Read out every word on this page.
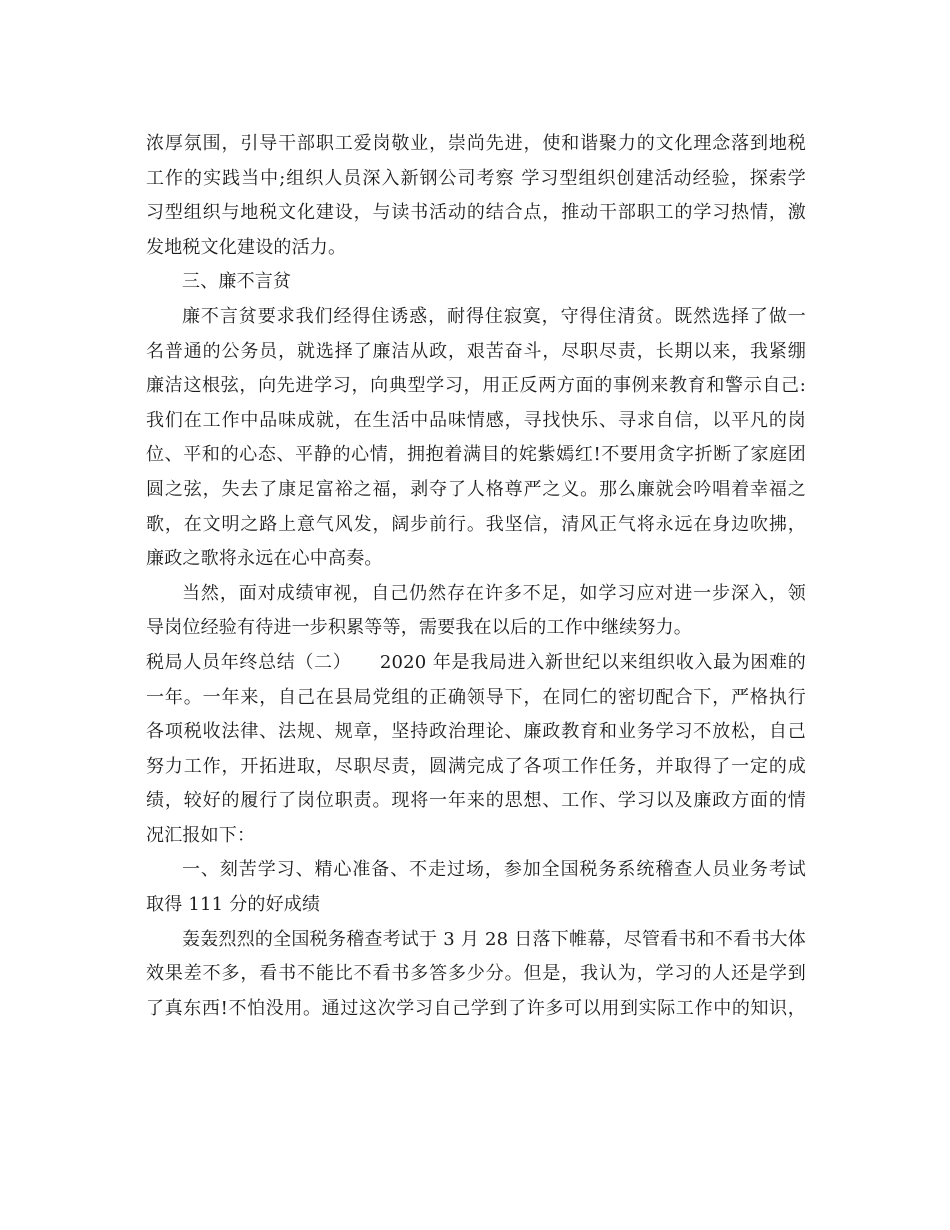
浓厚氛围，引导干部职工爱岗敬业，崇尚先进，使和谐聚力的文化理念落到地税
工作的实践当中;组织人员深入新钢公司考察 学习型组织创建活动经验，探索学
习型组织与地税文化建设，与读书活动的结合点，推动干部职工的学习热情，激
发地税文化建设的活力。
三、廉不言贫
廉不言贫要求我们经得住诱惑，耐得住寂寞，守得住清贫。既然选择了做一
名普通的公务员，就选择了廉洁从政，艰苦奋斗，尽职尽责，长期以来，我紧绷
廉洁这根弦，向先进学习，向典型学习，用正反两方面的事例来教育和警示自己:
我们在工作中品味成就，在生活中品味情感，寻找快乐、寻求自信，以平凡的岗
位、平和的心态、平静的心情，拥抱着满目的姹紫嫣红!不要用贪字折断了家庭团
圆之弦，失去了康足富裕之福，剥夺了人格尊严之义。那么廉就会吟唱着幸福之
歌，在文明之路上意气风发，阔步前行。我坚信，清风正气将永远在身边吹拂，
廉政之歌将永远在心中高奏。
当然，面对成绩审视，自己仍然存在许多不足，如学习应对进一步深入，领
导岗位经验有待进一步积累等等，需要我在以后的工作中继续努力。
税局人员年终总结（二）　　2020 年是我局进入新世纪以来组织收入最为困难的
一年。一年来，自己在县局党组的正确领导下，在同仁的密切配合下，严格执行
各项税收法律、法规、规章，坚持政治理论、廉政教育和业务学习不放松，自己
努力工作，开拓进取，尽职尽责，圆满完成了各项工作任务，并取得了一定的成
绩，较好的履行了岗位职责。现将一年来的思想、工作、学习以及廉政方面的情
况汇报如下：
一、刻苦学习、精心准备、不走过场，参加全国税务系统稽查人员业务考试
取得 111 分的好成绩
轰轰烈烈的全国税务稽查考试于 3 月 28 日落下帷幕，尽管看书和不看书大体
效果差不多，看书不能比不看书多答多少分。但是，我认为，学习的人还是学到
了真东西!不怕没用。通过这次学习自己学到了许多可以用到实际工作中的知识，
